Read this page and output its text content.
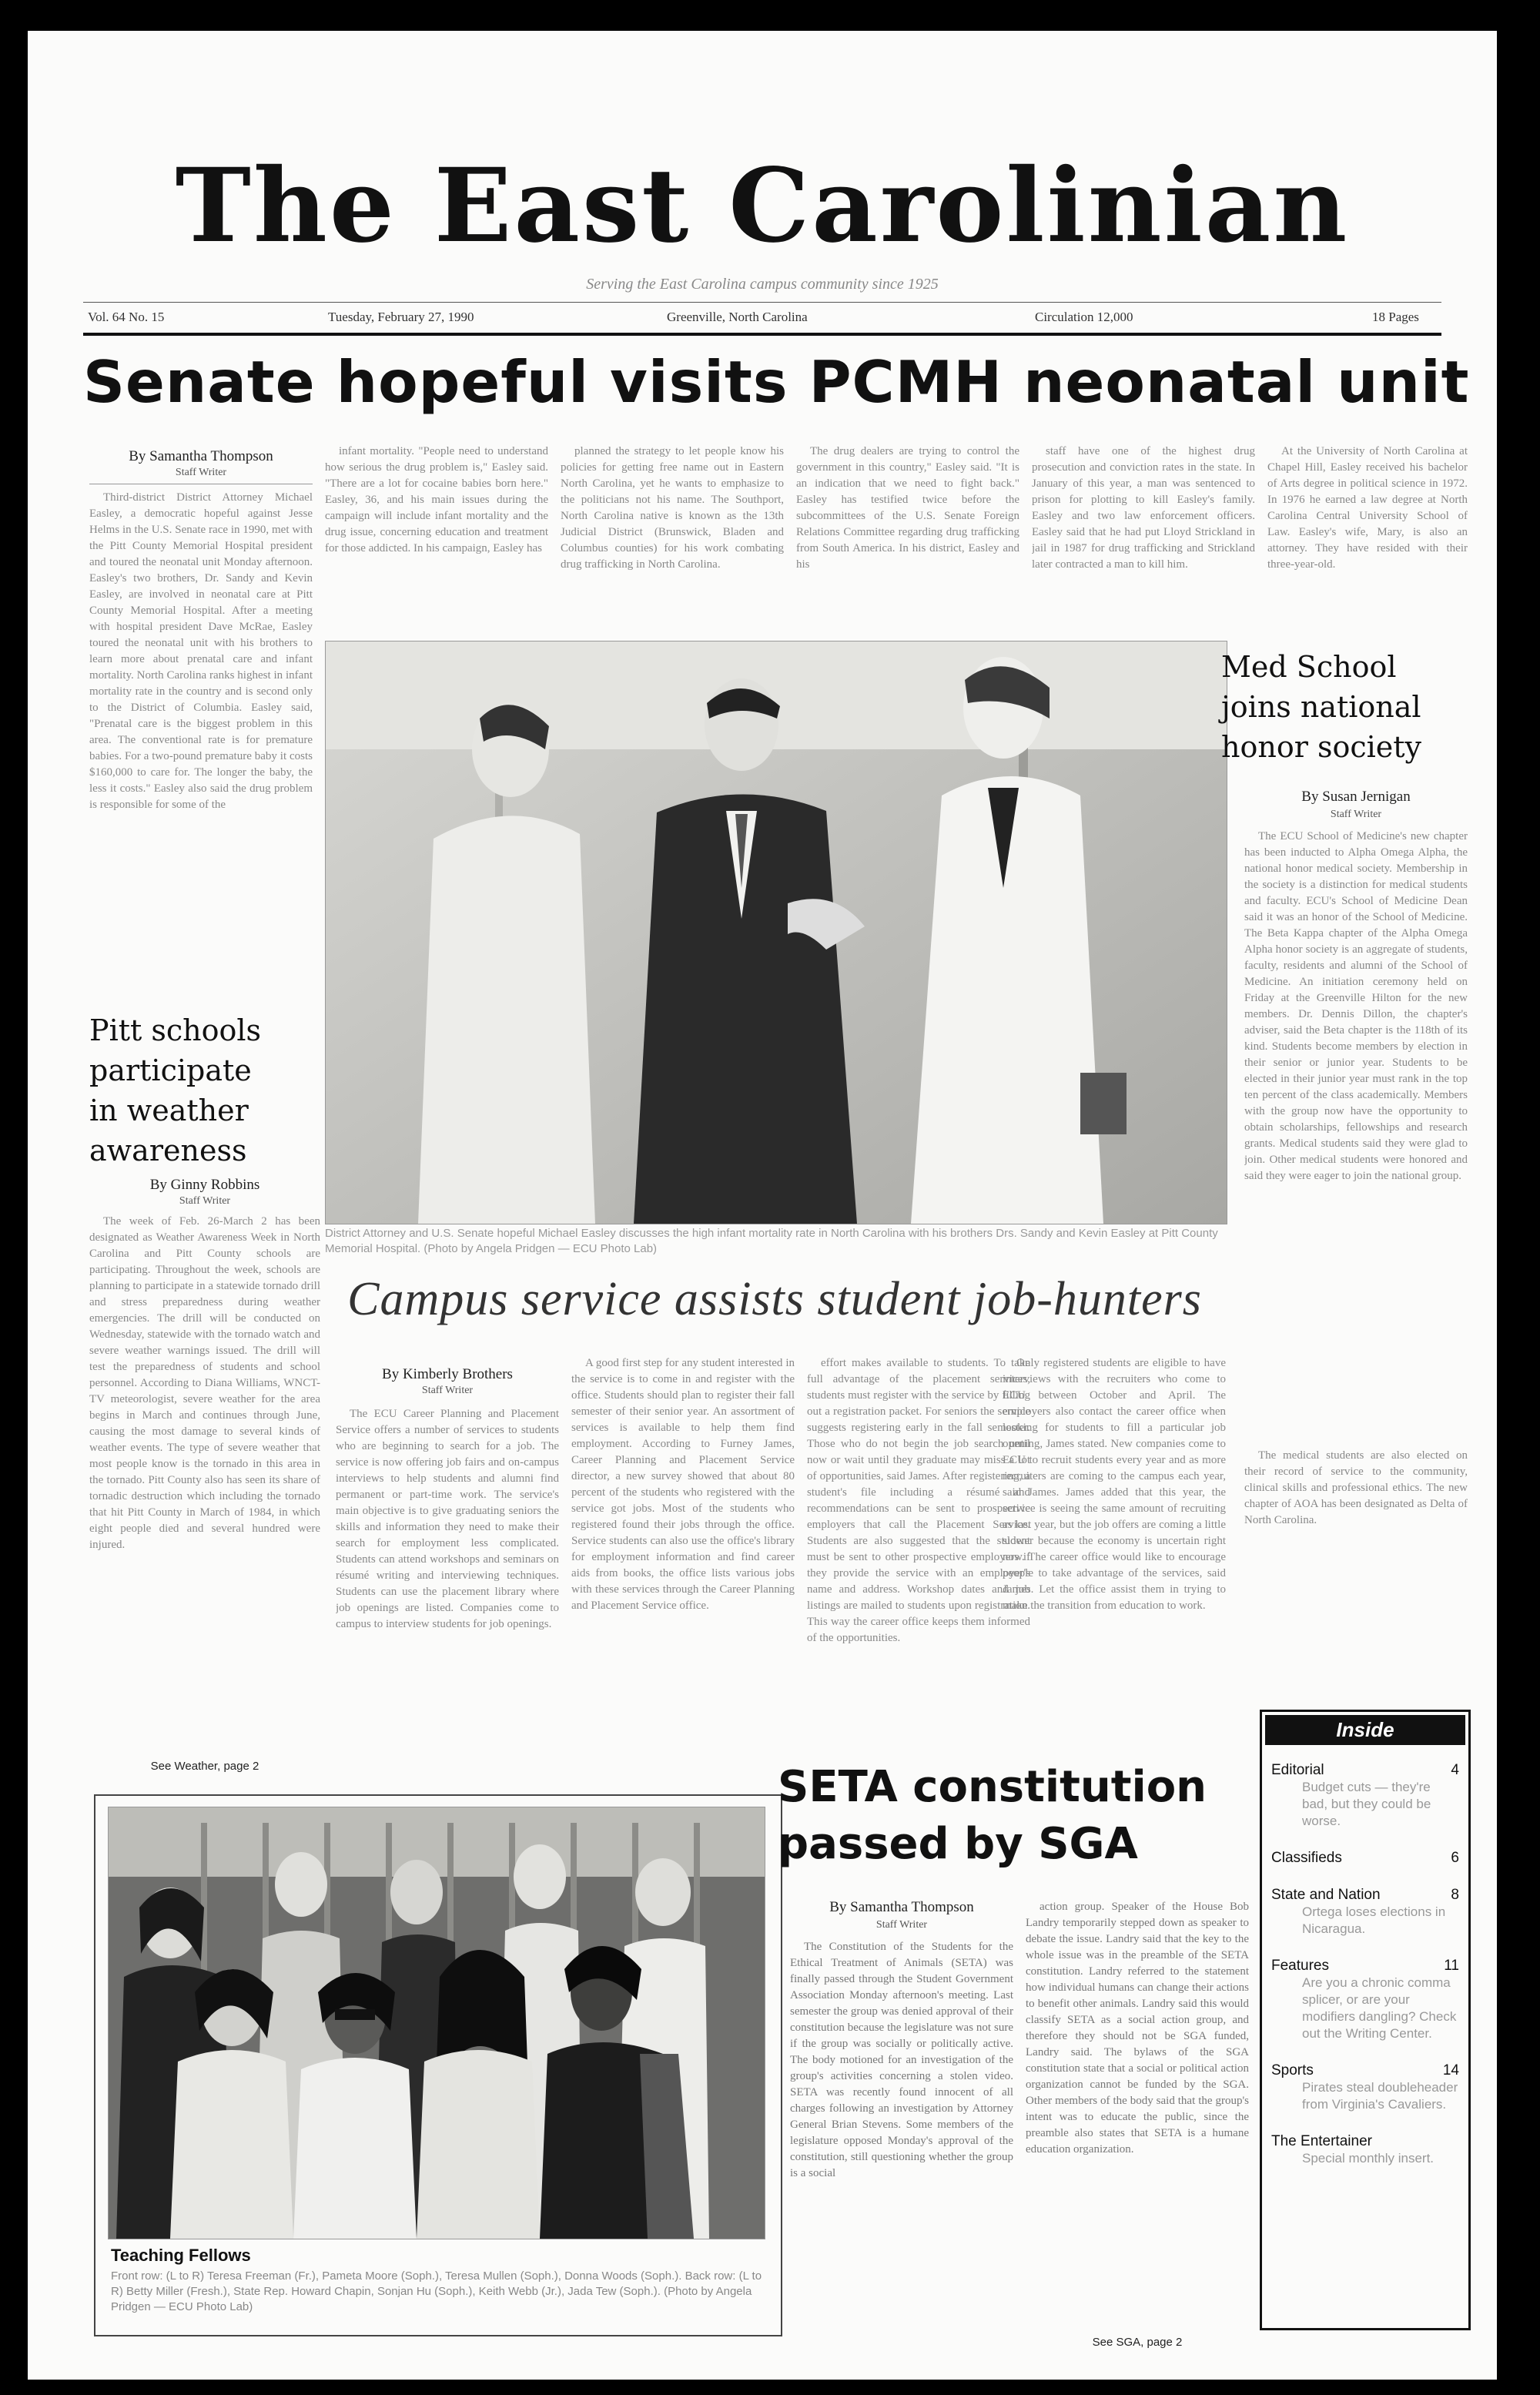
The East Carolinian
Serving the East Carolina campus community since 1925
Vol. 64 No. 15	Tuesday, February 27, 1990	Greenville, North Carolina	Circulation 12,000	18 Pages
Senate hopeful visits PCMH neonatal unit
By Samantha Thompson
Staff Writer

Third-district District Attorney Michael Easley, a democratic hopeful against Jesse Helms in the U.S. Senate race in 1990, met with the Pitt County Memorial Hospital president and toured the neonatal unit Monday afternoon. Easley's two brothers, Dr. Sandy and Kevin Easley, are involved in neonatal care at Pitt County Memorial Hospital. After a meeting with hospital president Dave McRae, Easley toured the neonatal unit with his brothers to learn more about prenatal care and infant mortality. North Carolina ranks highest in infant mortality rate in the country and is second only to the District of Columbia. Easley said, "Prenatal care is the biggest problem in this area. The conventional rate is for premature babies. For a two-pound premature baby it costs $160,000 to care for. The longer the baby, the less it costs." Easley also said the drug problem is responsible for some of the

infant mortality. "People need to understand how serious the drug problem is," Easley said. "There are a lot for cocaine babies born here." Easley, 36, and his main issues during the campaign will include infant mortality and the drug issue, concerning education and treatment for those addicted. In his campaign, Easley has

planned the strategy to let people know his policies for getting free name out in Eastern North Carolina, yet he wants to emphasize to the politicians not his name. The Southport, North Carolina native is known as the 13th Judicial District (Brunswick, Bladen and Columbus counties) for his work combating drug trafficking in North Carolina.

The drug dealers are trying to control the government in this country," Easley said. "It is an indication that we need to fight back." Easley has testified twice before the subcommittees of the U.S. Senate Foreign Relations Committee regarding drug trafficking from South America. In his district, Easley and his

staff have one of the highest drug prosecution and conviction rates in the state. In January of this year, a man was sentenced to prison for plotting to kill Easley's family. Easley and two law enforcement officers. Easley said that he had put Lloyd Strickland in jail in 1987 for drug trafficking and Strickland later contracted a man to kill him.

At the University of North Carolina at Chapel Hill, Easley received his bachelor of Arts degree in political science in 1972. In 1976 he earned a law degree at North Carolina Central University School of Law. Easley's wife, Mary, is also an attorney. They have resided with their three-year-old.

District Attorney and U.S. Senate hopeful Michael Easley discusses the high infant mortality rate in North Carolina with his brothers Drs. Sandy and Kevin Easley at Pitt County Memorial Hospital. (Photo by Angela Pridgen — ECU Photo Lab)
Med School
joins national
honor society
By Susan Jernigan
Staff Writer

The ECU School of Medicine's new chapter has been inducted to Alpha Omega Alpha, the national honor medical society. Membership in the society is a distinction for medical students and faculty. ECU's School of Medicine Dean said it was an honor of the School of Medicine. The Beta Kappa chapter of the Alpha Omega Alpha honor society is an aggregate of students, faculty, residents and alumni of the School of Medicine. An initiation ceremony held on Friday at the Greenville Hilton for the new members. Dr. Dennis Dillon, the chapter's adviser, said the Beta chapter is the 118th of its kind. Students become members by election in their senior or junior year. Students to be elected in their junior year must rank in the top ten percent of the class academically. Members with the group now have the opportunity to obtain scholarships, fellowships and research grants. Medical students said they were glad to join. Other medical students were honored and said they were eager to join the national group.

The medical students are also elected on their record of service to the community, clinical skills and professional ethics. The new chapter of AOA has been designated as Delta of North Carolina.

Pitt schools
participate
in weather
awareness
By Ginny Robbins
Staff Writer

The week of Feb. 26-March 2 has been designated as Weather Awareness Week in North Carolina and Pitt County schools are participating. Throughout the week, schools are planning to participate in a statewide tornado drill and stress preparedness during weather emergencies. The drill will be conducted on Wednesday, statewide with the tornado watch and severe weather warnings issued. The drill will test the preparedness of students and school personnel. According to Diana Williams, WNCT-TV meteorologist, severe weather for the area begins in March and continues through June, causing the most damage to several kinds of weather events. The type of severe weather that most people know is the tornado in this area in the tornado. Pitt County also has seen its share of tornadic destruction which including the tornado that hit Pitt County in March of 1984, in which eight people died and several hundred were injured.

See Weather, page 2
Campus service assists student job-hunters
By Kimberly Brothers
Staff Writer

The ECU Career Planning and Placement Service offers a number of services to students who are beginning to search for a job. The service is now offering job fairs and on-campus interviews to help students and alumni find permanent or part-time work. The service's main objective is to give graduating seniors the skills and information they need to make their search for employment less complicated. Students can attend workshops and seminars on résumé writing and interviewing techniques. Students can use the placement library where job openings are listed. Companies come to campus to interview students for job openings.

A good first step for any student interested in the service is to come in and register with the office. Students should plan to register their fall semester of their senior year. An assortment of services is available to help them find employment. According to Furney James, Career Planning and Placement Service director, a new survey showed that about 80 percent of the students who registered with the service got jobs. Most of the students who registered found their jobs through the office. Service students can also use the office's library for employment information and find career aids from books, the office lists various jobs with these services through the Career Planning and Placement Service office.

effort makes available to students. To take full advantage of the placement services, students must register with the service by filling out a registration packet. For seniors the service suggests registering early in the fall semester. Those who do not begin the job search until now or wait until they graduate may miss a lot of opportunities, said James. After registering, a student's file including a résumé and recommendations can be sent to prospective employers that call the Placement Service. Students are also suggested that the student must be sent to other prospective employers if they provide the service with an employer's name and address. Workshop dates and job listings are mailed to students upon registration. This way the career office keeps them informed of the opportunities.

Only registered students are eligible to have interviews with the recruiters who come to ECU between October and April. The employers also contact the career office when looking for students to fill a particular job opening, James stated. New companies come to ECU to recruit students every year and as more recruiters are coming to the campus each year, said James. James added that this year, the service is seeing the same amount of recruiting as last year, but the job offers are coming a little slower because the economy is uncertain right now. The career office would like to encourage people to take advantage of the services, said James. Let the office assist them in trying to make the transition from education to work.

Teaching Fellows
Front row: (L to R) Teresa Freeman (Fr.), Pameta Moore (Soph.), Teresa Mullen (Soph.), Donna Woods (Soph.). Back row: (L to R) Betty Miller (Fresh.), State Rep. Howard Chapin, Sonjan Hu (Soph.), Keith Webb (Jr.), Jada Tew (Soph.). (Photo by Angela Pridgen — ECU Photo Lab)
SETA constitution
passed by SGA
By Samantha Thompson
Staff Writer

The Constitution of the Students for the Ethical Treatment of Animals (SETA) was finally passed through the Student Government Association Monday afternoon's meeting. Last semester the group was denied approval of their constitution because the legislature was not sure if the group was socially or politically active. The body motioned for an investigation of the group's activities concerning a stolen video. SETA was recently found innocent of all charges following an investigation by Attorney General Brian Stevens. Some members of the legislature opposed Monday's approval of the constitution, still questioning whether the group is a social

action group. Speaker of the House Bob Landry temporarily stepped down as speaker to debate the issue. Landry said that the key to the whole issue was in the preamble of the SETA constitution. Landry referred to the statement how individual humans can change their actions to benefit other animals. Landry said this would classify SETA as a social action group, and therefore they should not be SGA funded, Landry said. The bylaws of the SGA constitution state that a social or political action organization cannot be funded by the SGA. Other members of the body said that the group's intent was to educate the public, since the preamble also states that SETA is a humane education organization.

See SGA, page 2
Inside
Editorial	4
Budget cuts — they're bad, but they could be worse.
Classifieds	6
State and Nation	8
Ortega loses elections in Nicaragua.
Features	11
Are you a chronic comma splicer, or are your modifiers dangling? Check out the Writing Center.
Sports	14
Pirates steal doubleheader from Virginia's Cavaliers.
The Entertainer
Special monthly insert.
